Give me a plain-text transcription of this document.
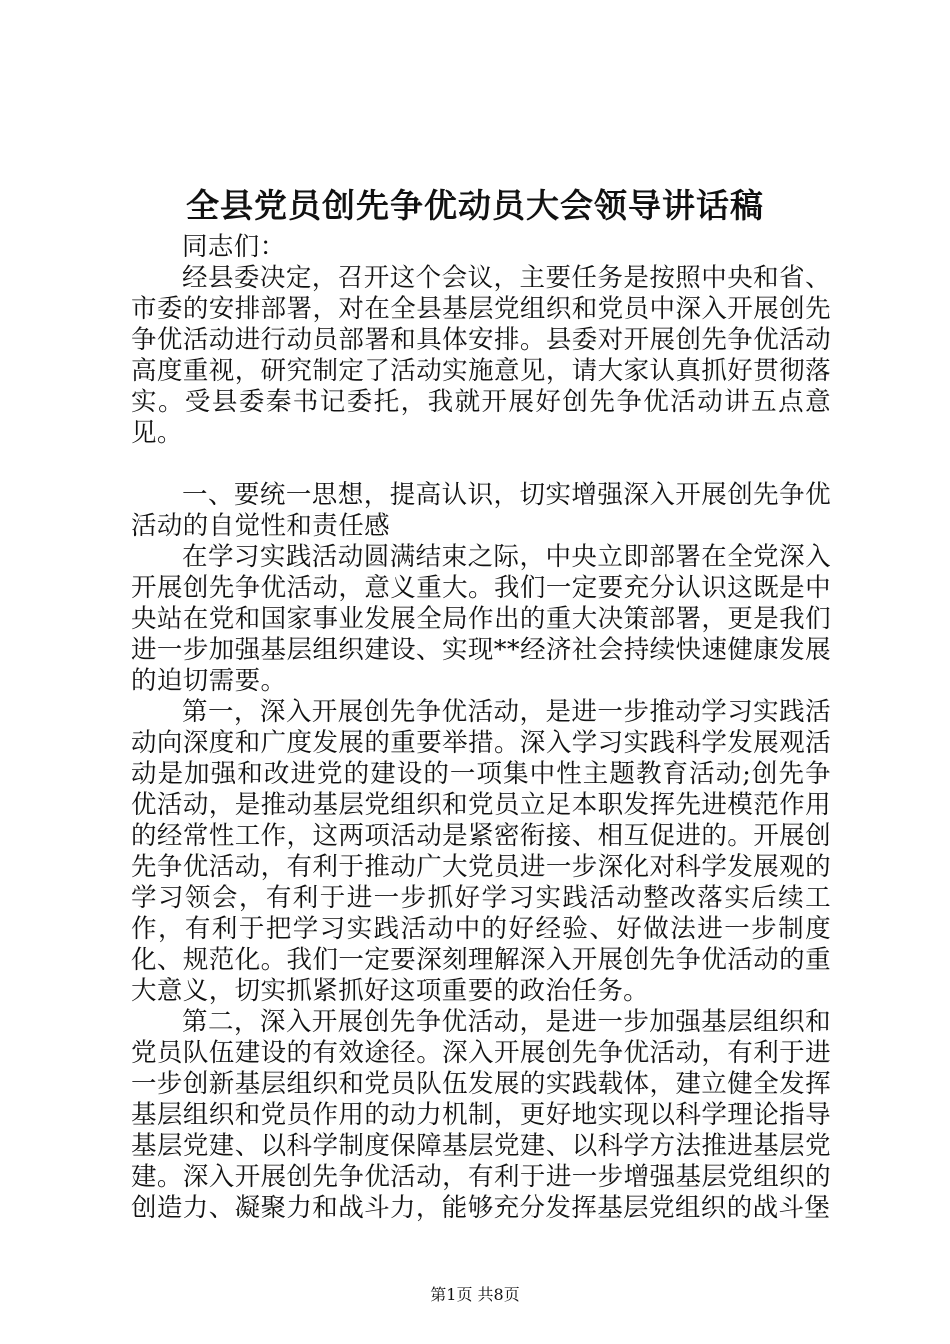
全县党员创先争优动员大会领导讲话稿

同志们：

经县委决定，召开这个会议，主要任务是按照中央和省、市委的安排部署，对在全县基层党组织和党员中深入开展创先争优活动进行动员部署和具体安排。县委对开展创先争优活动高度重视，研究制定了活动实施意见，请大家认真抓好贯彻落实。受县委秦书记委托，我就开展好创先争优活动讲五点意见。

一、要统一思想，提高认识，切实增强深入开展创先争优活动的自觉性和责任感

在学习实践活动圆满结束之际，中央立即部署在全党深入开展创先争优活动，意义重大。我们一定要充分认识这既是中央站在党和国家事业发展全局作出的重大决策部署，更是我们进一步加强基层组织建设、实现**经济社会持续快速健康发展的迫切需要。

第一，深入开展创先争优活动，是进一步推动学习实践活动向深度和广度发展的重要举措。深入学习实践科学发展观活动是加强和改进党的建设的一项集中性主题教育活动;创先争优活动，是推动基层党组织和党员立足本职发挥先进模范作用的经常性工作，这两项活动是紧密衔接、相互促进的。开展创先争优活动，有利于推动广大党员进一步深化对科学发展观的学习领会，有利于进一步抓好学习实践活动整改落实后续工作，有利于把学习实践活动中的好经验、好做法进一步制度化、规范化。我们一定要深刻理解深入开展创先争优活动的重大意义，切实抓紧抓好这项重要的政治任务。

第二，深入开展创先争优活动，是进一步加强基层组织和党员队伍建设的有效途径。深入开展创先争优活动，有利于进一步创新基层组织和党员队伍发展的实践载体，建立健全发挥基层组织和党员作用的动力机制，更好地实现以科学理论指导基层党建、以科学制度保障基层党建、以科学方法推进基层党建。深入开展创先争优活动，有利于进一步增强基层党组织的创造力、凝聚力和战斗力，能够充分发挥基层党组织的战斗堡

第1页 共8页
